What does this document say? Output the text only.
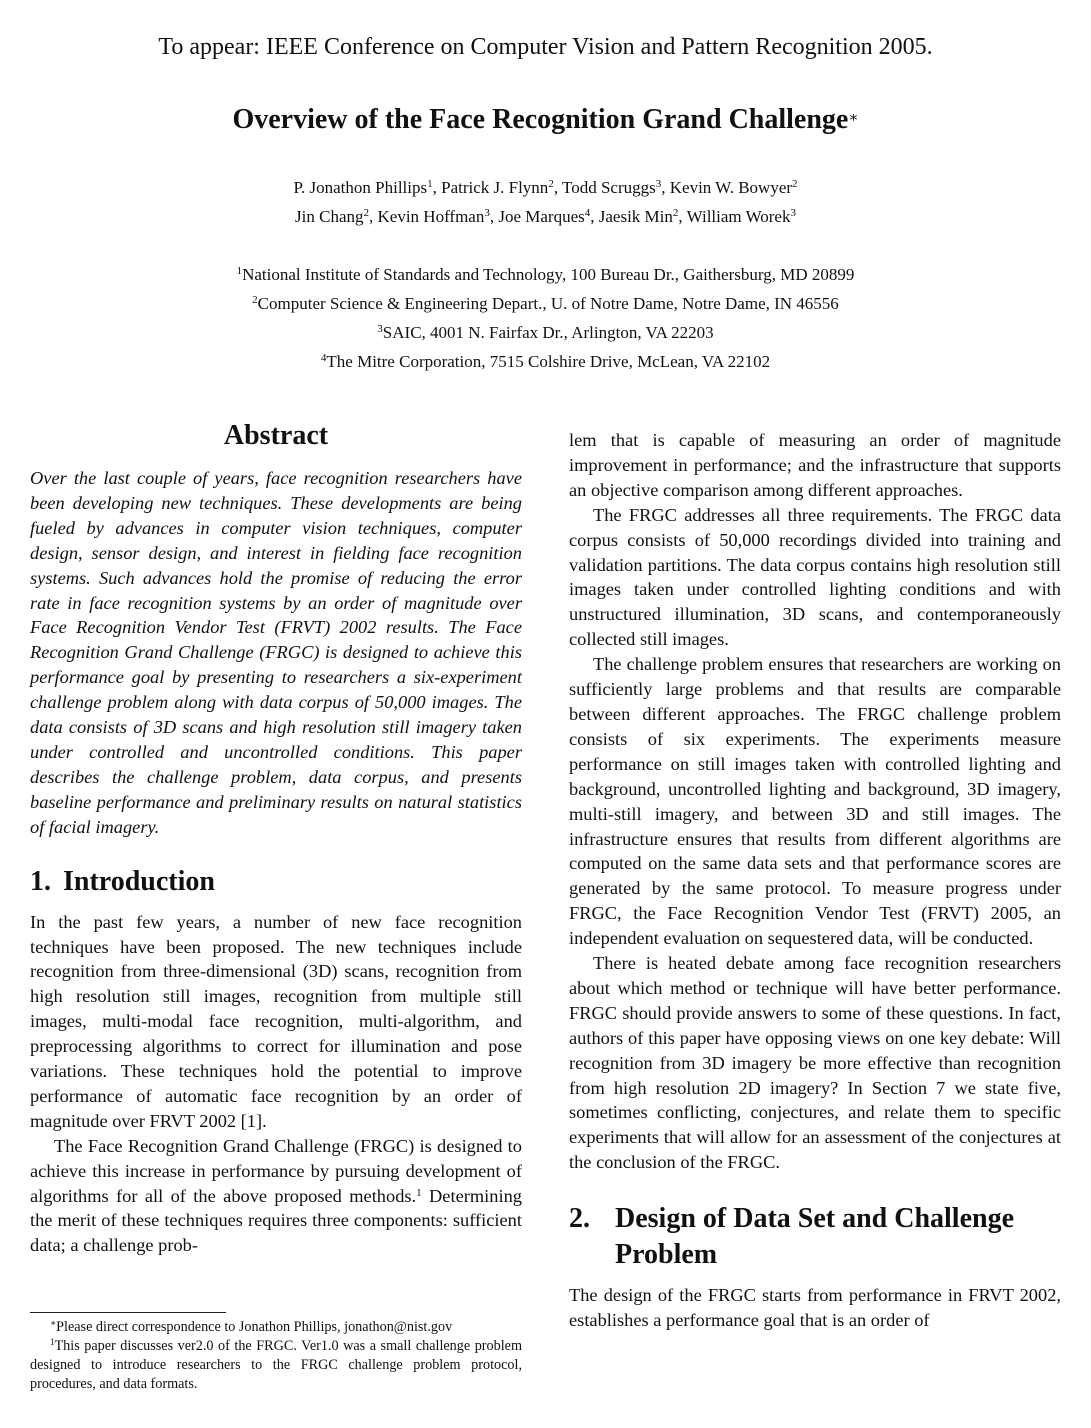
To appear: IEEE Conference on Computer Vision and Pattern Recognition 2005.
Overview of the Face Recognition Grand Challenge∗
P. Jonathon Phillips$^1$, Patrick J. Flynn$^2$, Todd Scruggs$^3$, Kevin W. Bowyer$^2$
Jin Chang$^2$, Kevin Hoffman$^3$, Joe Marques$^4$, Jaesik Min$^2$, William Worek$^3$
$^1$National Institute of Standards and Technology, 100 Bureau Dr., Gaithersburg, MD 20899
$^2$Computer Science & Engineering Depart., U. of Notre Dame, Notre Dame, IN 46556
$^3$SAIC, 4001 N. Fairfax Dr., Arlington, VA 22203
$^4$The Mitre Corporation, 7515 Colshire Drive, McLean, VA 22102
Abstract

Over the last couple of years, face recognition researchers have been developing new techniques. These developments are being fueled by advances in computer vision techniques, computer design, sensor design, and interest in fielding face recognition systems. Such advances hold the promise of reducing the error rate in face recognition systems by an order of magnitude over Face Recognition Vendor Test (FRVT) 2002 results. The Face Recognition Grand Challenge (FRGC) is designed to achieve this performance goal by presenting to researchers a six-experiment challenge problem along with data corpus of 50,000 images. The data consists of 3D scans and high resolution still imagery taken under controlled and uncontrolled conditions. This paper describes the challenge problem, data corpus, and presents baseline performance and preliminary results on natural statistics of facial imagery.

1. Introduction

In the past few years, a number of new face recognition techniques have been proposed. The new techniques include recognition from three-dimensional (3D) scans, recognition from high resolution still images, recognition from multiple still images, multi-modal face recognition, multi-algorithm, and preprocessing algorithms to correct for illumination and pose variations. These techniques hold the potential to improve performance of automatic face recognition by an order of magnitude over FRVT 2002 [1].

The Face Recognition Grand Challenge (FRGC) is designed to achieve this increase in performance by pursuing development of algorithms for all of the above proposed methods.$^1$ Determining the merit of these techniques requires three components: sufficient data; a challenge prob-

lem that is capable of measuring an order of magnitude improvement in performance; and the infrastructure that supports an objective comparison among different approaches.

The FRGC addresses all three requirements. The FRGC data corpus consists of 50,000 recordings divided into training and validation partitions. The data corpus contains high resolution still images taken under controlled lighting conditions and with unstructured illumination, 3D scans, and contemporaneously collected still images.

The challenge problem ensures that researchers are working on sufficiently large problems and that results are comparable between different approaches. The FRGC challenge problem consists of six experiments. The experiments measure performance on still images taken with controlled lighting and background, uncontrolled lighting and background, 3D imagery, multi-still imagery, and between 3D and still images. The infrastructure ensures that results from different algorithms are computed on the same data sets and that performance scores are generated by the same protocol. To measure progress under FRGC, the Face Recognition Vendor Test (FRVT) 2005, an independent evaluation on sequestered data, will be conducted.

There is heated debate among face recognition researchers about which method or technique will have better performance. FRGC should provide answers to some of these questions. In fact, authors of this paper have opposing views on one key debate: Will recognition from 3D imagery be more effective than recognition from high resolution 2D imagery? In Section 7 we state five, sometimes conflicting, conjectures, and relate them to specific experiments that will allow for an assessment of the conjectures at the conclusion of the FRGC.

2. Design of Data Set and Challenge Problem

The design of the FRGC starts from performance in FRVT 2002, establishes a performance goal that is an order of

∗Please direct correspondence to Jonathon Phillips, jonathon@nist.gov

$^1$This paper discusses ver2.0 of the FRGC. Ver1.0 was a small challenge problem designed to introduce researchers to the FRGC challenge problem protocol, procedures, and data formats.
